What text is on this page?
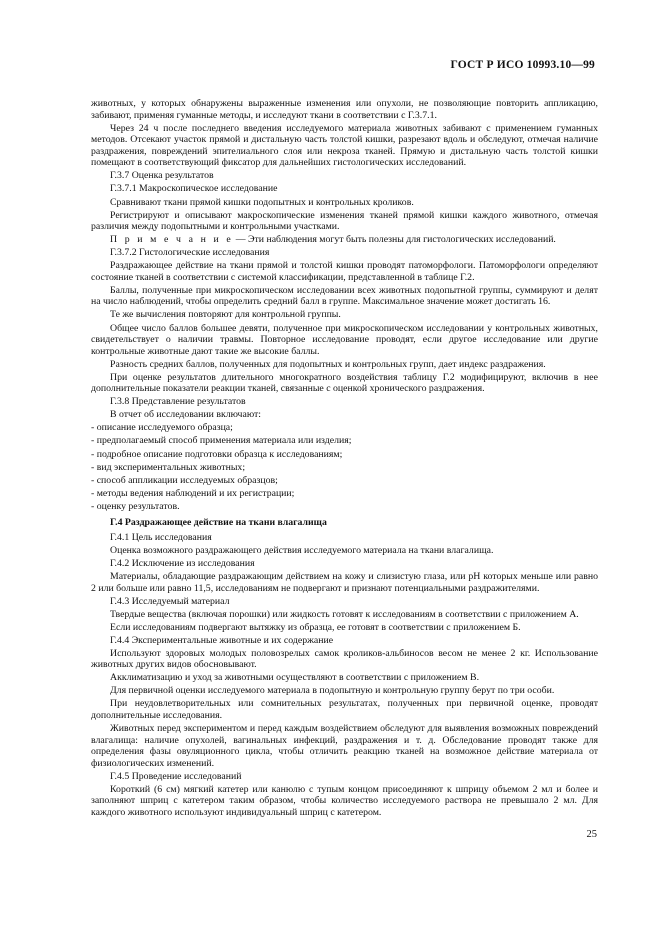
ГОСТ Р ИСО 10993.10—99

животных, у которых обнаружены выраженные изменения или опухоли, не позволяющие повторить аппликацию, забивают, применяя гуманные методы, и исследуют ткани в соответствии с Г.3.7.1.

Через 24 ч после последнего введения исследуемого материала животных забивают с применением гуманных методов. Отсекают участок прямой и дистальную часть толстой кишки, разрезают вдоль и обследуют, отмечая наличие раздражения, повреждений эпителиального слоя или некроза тканей. Прямую и дистальную часть толстой кишки помещают в соответствующий фиксатор для дальнейших гистологических исследований.

Г.3.7 Оценка результатов

Г.3.7.1 Макроскопическое исследование

Сравнивают ткани прямой кишки подопытных и контрольных кроликов.

Регистрируют и описывают макроскопические изменения тканей прямой кишки каждого животного, отмечая различия между подопытными и контрольными участками.

П р и м е ч а н и е — Эти наблюдения могут быть полезны для гистологических исследований.

Г.3.7.2 Гистологические исследования

Раздражающее действие на ткани прямой и толстой кишки проводят патоморфологи. Патоморфологи определяют состояние тканей в соответствии с системой классификации, представленной в таблице Г.2.

Баллы, полученные при микроскопическом исследовании всех животных подопытной группы, суммируют и делят на число наблюдений, чтобы определить средний балл в группе. Максимальное значение может достигать 16.

Те же вычисления повторяют для контрольной группы.

Общее число баллов большее девяти, полученное при микроскопическом исследовании у контрольных животных, свидетельствует о наличии травмы. Повторное исследование проводят, если другое исследование или другие контрольные животные дают такие же высокие баллы.

Разность средних баллов, полученных для подопытных и контрольных групп, дает индекс раздражения.

При оценке результатов длительного многократного воздействия таблицу Г.2 модифицируют, включив в нее дополнительные показатели реакции тканей, связанные с оценкой хронического раздражения.

Г.3.8 Представление результатов

В отчет об исследовании включают:

- описание исследуемого образца;

- предполагаемый способ применения материала или изделия;

- подробное описание подготовки образца к исследованиям;

- вид экспериментальных животных;

- способ аппликации исследуемых образцов;

- методы ведения наблюдений и их регистрации;

- оценку результатов.

Г.4 Раздражающее действие на ткани влагалища

Г.4.1 Цель исследования

Оценка возможного раздражающего действия исследуемого материала на ткани влагалища.

Г.4.2 Исключение из исследования

Материалы, обладающие раздражающим действием на кожу и слизистую глаза, или pH которых меньше или равно 2 или больше или равно 11,5, исследованиям не подвергают и признают потенциальными раздражителями.

Г.4.3 Исследуемый материал

Твердые вещества (включая порошки) или жидкость готовят к исследованиям в соответствии с приложением А.

Если исследованиям подвергают вытяжку из образца, ее готовят в соответствии с приложением Б.

Г.4.4 Экспериментальные животные и их содержание

Используют здоровых молодых половозрелых самок кроликов-альбиносов весом не менее 2 кг. Использование животных других видов обосновывают.

Акклиматизацию и уход за животными осуществляют в соответствии с приложением В.

Для первичной оценки исследуемого материала в подопытную и контрольную группу берут по три особи.

При неудовлетворительных или сомнительных результатах, полученных при первичной оценке, проводят дополнительные исследования.

Животных перед экспериментом и перед каждым воздействием обследуют для выявления возможных повреждений влагалища: наличие опухолей, вагинальных инфекций, раздражения и т. д. Обследование проводят также для определения фазы овуляционного цикла, чтобы отличить реакцию тканей на возможное действие материала от физиологических изменений.

Г.4.5 Проведение исследований

Короткий (6 см) мягкий катетер или канюлю с тупым концом присоединяют к шприцу объемом 2 мл и более и заполняют шприц с катетером таким образом, чтобы количество исследуемого раствора не превышало 2 мл. Для каждого животного используют индивидуальный шприц с катетером.

25
